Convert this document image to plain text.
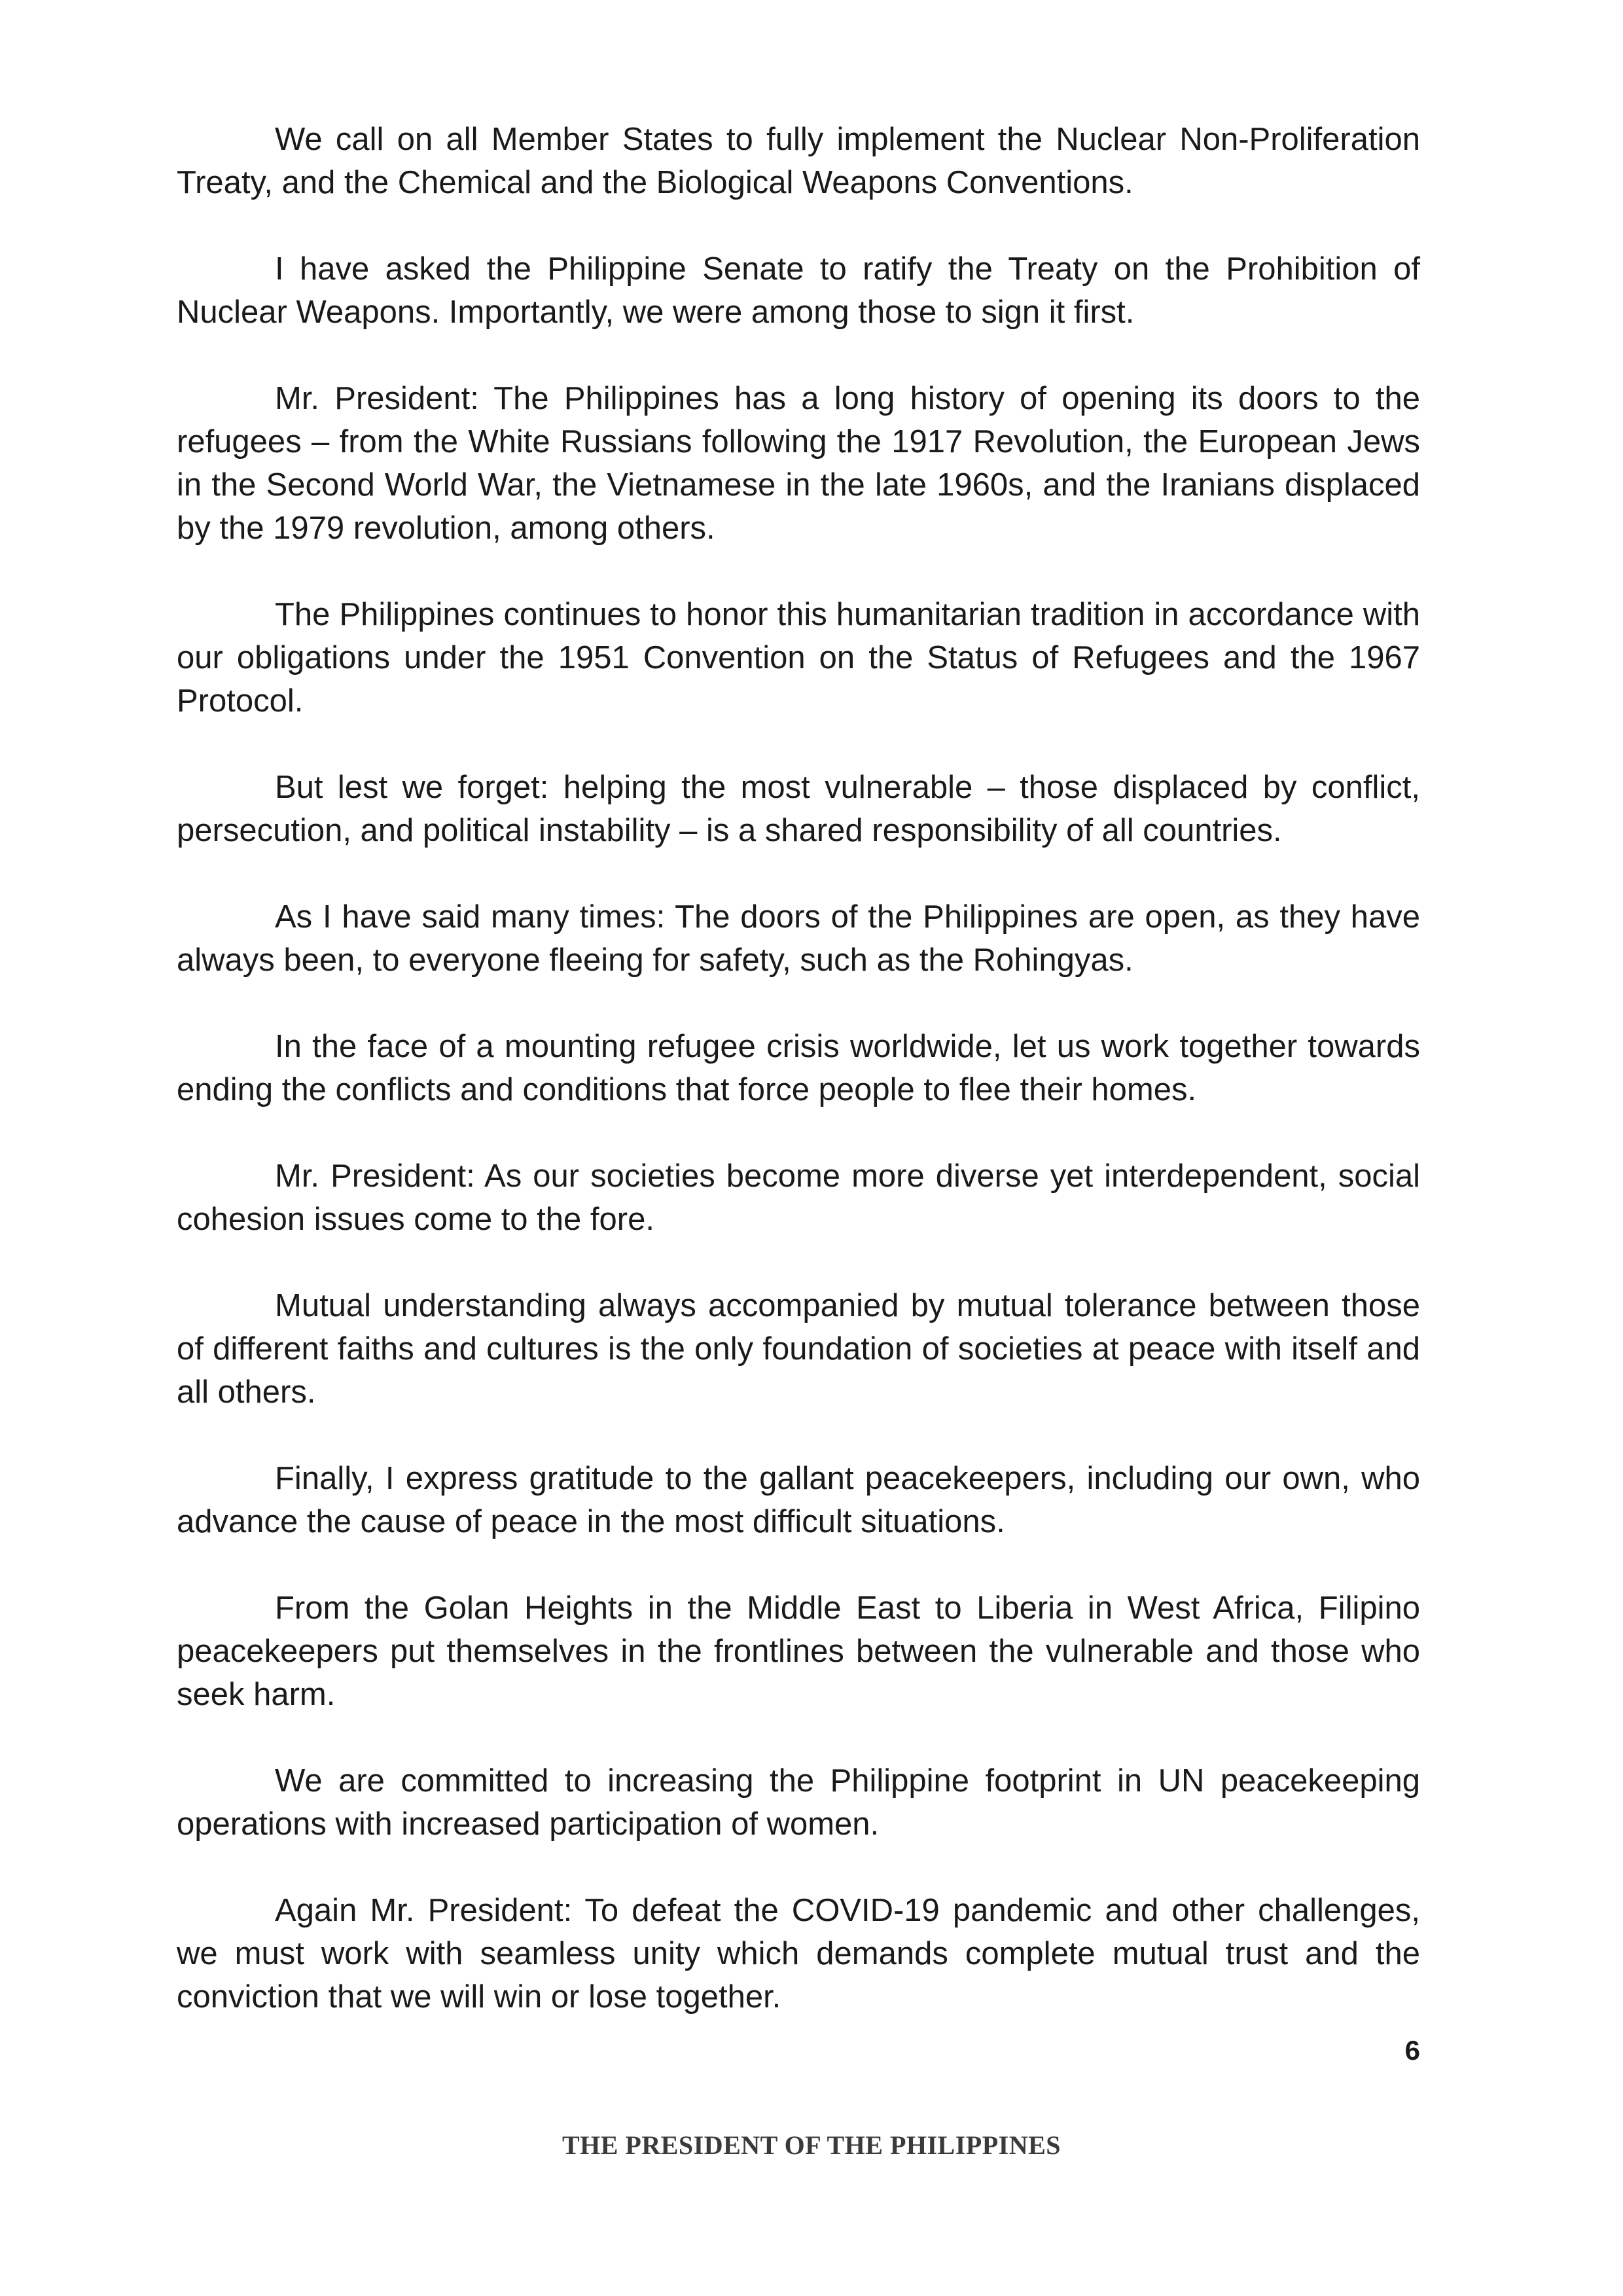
We call on all Member States to fully implement the Nuclear Non-Proliferation Treaty, and the Chemical and the Biological Weapons Conventions.

I have asked the Philippine Senate to ratify the Treaty on the Prohibition of Nuclear Weapons. Importantly, we were among those to sign it first.

Mr. President: The Philippines has a long history of opening its doors to the refugees – from the White Russians following the 1917 Revolution, the European Jews in the Second World War, the Vietnamese in the late 1960s, and the Iranians displaced by the 1979 revolution, among others.

The Philippines continues to honor this humanitarian tradition in accordance with our obligations under the 1951 Convention on the Status of Refugees and the 1967 Protocol.

But lest we forget: helping the most vulnerable – those displaced by conflict, persecution, and political instability – is a shared responsibility of all countries.

As I have said many times: The doors of the Philippines are open, as they have always been, to everyone fleeing for safety, such as the Rohingyas.

In the face of a mounting refugee crisis worldwide, let us work together towards ending the conflicts and conditions that force people to flee their homes.

Mr. President: As our societies become more diverse yet interdependent, social cohesion issues come to the fore.

Mutual understanding always accompanied by mutual tolerance between those of different faiths and cultures is the only foundation of societies at peace with itself and all others.

Finally, I express gratitude to the gallant peacekeepers, including our own, who advance the cause of peace in the most difficult situations.

From the Golan Heights in the Middle East to Liberia in West Africa, Filipino peacekeepers put themselves in the frontlines between the vulnerable and those who seek harm.

We are committed to increasing the Philippine footprint in UN peacekeeping operations with increased participation of women.

Again Mr. President: To defeat the COVID-19 pandemic and other challenges, we must work with seamless unity which demands complete mutual trust and the conviction that we will win or lose together.

6
THE PRESIDENT OF THE PHILIPPINES
